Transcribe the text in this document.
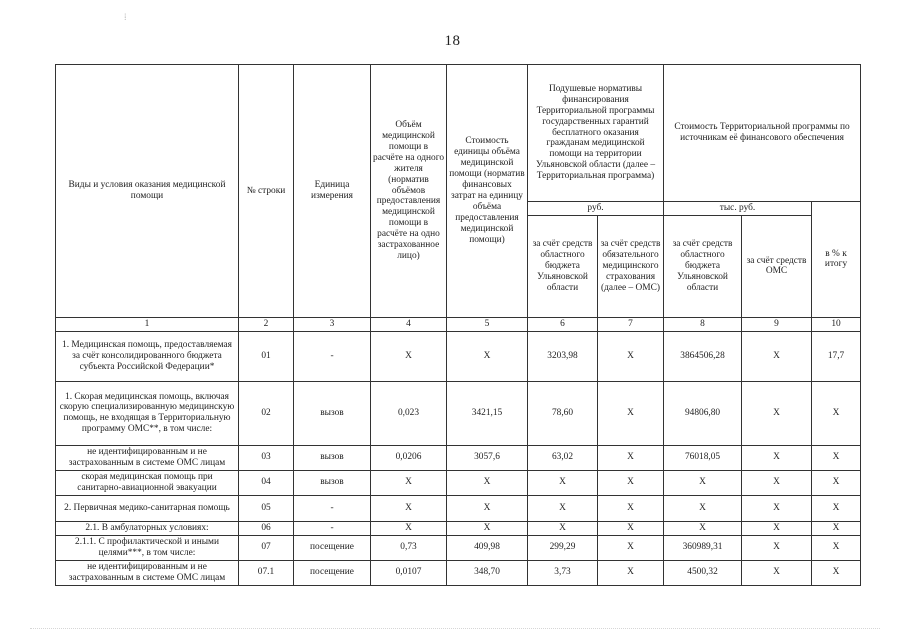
⁞
18
Виды и условия оказания медицинской помощи	№ строки	Единица измерения	Объём медицинской помощи в расчёте на одного жителя (норматив объёмов предоставления медицинской помощи в расчёте на одно застрахованное лицо)	Стоимость единицы объёма медицинской помощи (норматив финансовых затрат на единицу объёма предоставления медицинской помощи)	Подушевые нормативы финансирования Территориальной программы государственных гарантий бесплатного оказания гражданам медицинской помощи на территории Ульяновской области (далее – Территориальная программа)		Стоимость Территориальной программы по источникам её финансового обеспечения		
					руб.		тыс. руб.		в % к итогу
					за счёт средств областного бюджета Ульяновской области	за счёт средств обязательного медицинского страхования (далее – ОМС)	за счёт средств областного бюджета Ульяновской области	за счёт средств ОМС	
1	2	3	4	5	6	7	8	9	10
1. Медицинская помощь, предоставляемая за счёт консолидированного бюджета субъекта Российской Федерации*	01	-	X	X	3203,98	X	3864506,28	X	17,7
1. Скорая медицинская помощь, включая скорую специализированную медицинскую помощь, не входящая в Территориальную программу ОМС**, в том числе:	02	вызов	0,023	3421,15	78,60	X	94806,80	X	X
не идентифицированным и не застрахованным в системе ОМС лицам	03	вызов	0,0206	3057,6	63,02	X	76018,05	X	X
скорая медицинская помощь при санитарно-авиационной эвакуации	04	вызов	X	X	X	X	X	X	X
2. Первичная медико-санитарная помощь	05	-	X	X	X	X	X	X	X
2.1. В амбулаторных условиях:	06	-	X	X	X	X	X	X	X
2.1.1. С профилактической и иными целями***, в том числе:	07	посещение	0,73	409,98	299,29	X	360989,31	X	X
не идентифицированным и не застрахованным в системе ОМС лицам	07.1	посещение	0,0107	348,70	3,73	X	4500,32	X	X
